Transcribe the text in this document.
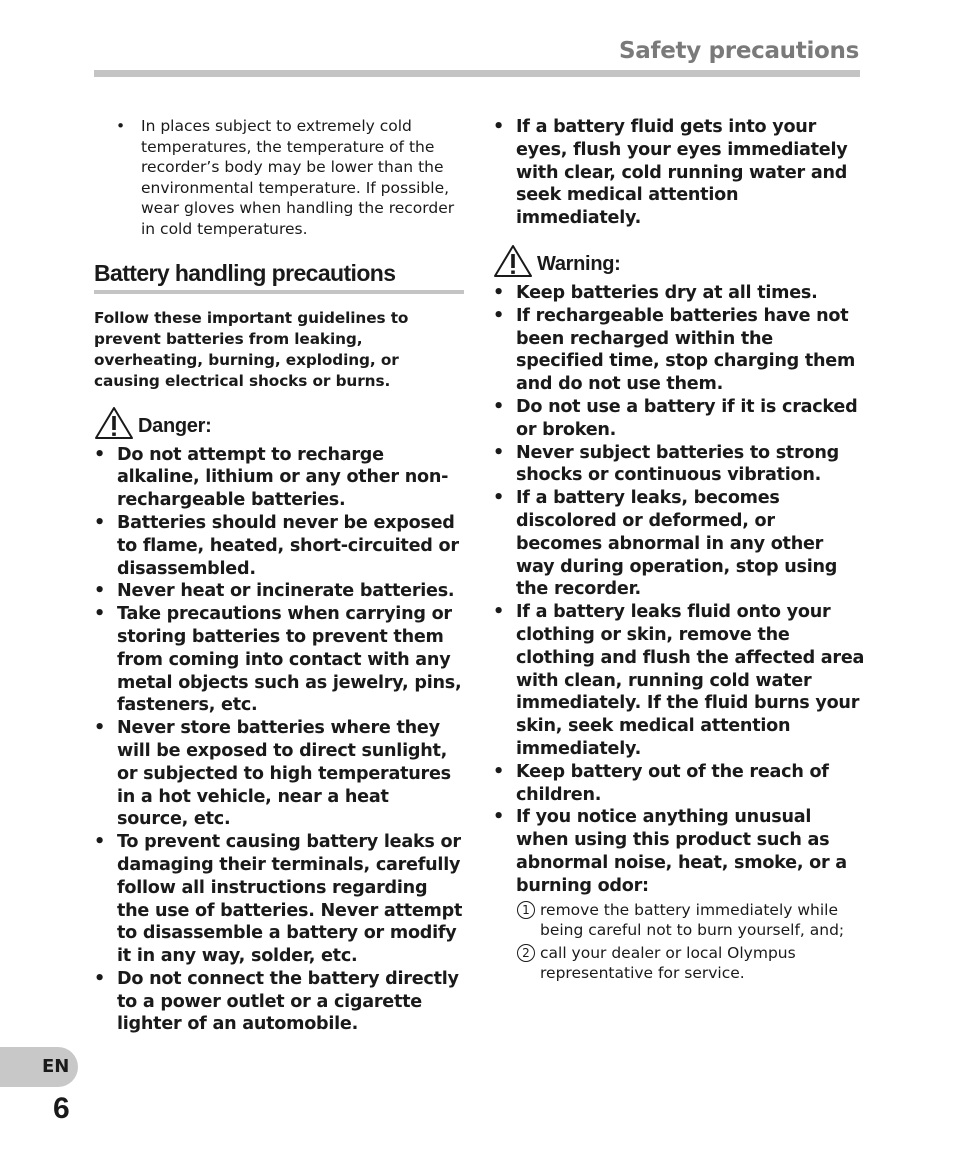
Safety precautions
• In places subject to extremely cold temperatures, the temperature of the recorder’s body may be lower than the environmental temperature. If possible, wear gloves when handling the recorder in cold temperatures.
Battery handling precautions
Follow these important guidelines to prevent batteries from leaking, overheating, burning, exploding, or causing electrical shocks or burns.
Danger:
• Do not attempt to recharge alkaline, lithium or any other non-rechargeable batteries.
• Batteries should never be exposed to flame, heated, short-circuited or disassembled.
• Never heat or incinerate batteries.
• Take precautions when carrying or storing batteries to prevent them from coming into contact with any metal objects such as jewelry, pins, fasteners, etc.
• Never store batteries where they will be exposed to direct sunlight, or subjected to high temperatures in a hot vehicle, near a heat source, etc.
• To prevent causing battery leaks or damaging their terminals, carefully follow all instructions regarding the use of batteries. Never attempt to disassemble a battery or modify it in any way, solder, etc.
• Do not connect the battery directly to a power outlet or a cigarette lighter of an automobile.
• If a battery fluid gets into your eyes, flush your eyes immediately with clear, cold running water and seek medical attention immediately.
Warning:
• Keep batteries dry at all times.
• If rechargeable batteries have not been recharged within the specified time, stop charging them and do not use them.
• Do not use a battery if it is cracked or broken.
• Never subject batteries to strong shocks or continuous vibration.
• If a battery leaks, becomes discolored or deformed, or becomes abnormal in any other way during operation, stop using the recorder.
• If a battery leaks fluid onto your clothing or skin, remove the clothing and flush the affected area with clean, running cold water immediately. If the fluid burns your skin, seek medical attention immediately.
• Keep battery out of the reach of children.
• If you notice anything unusual when using this product such as abnormal noise, heat, smoke, or a burning odor:
1 remove the battery immediately while being careful not to burn yourself, and;
2 call your dealer or local Olympus representative for service.
EN
6
